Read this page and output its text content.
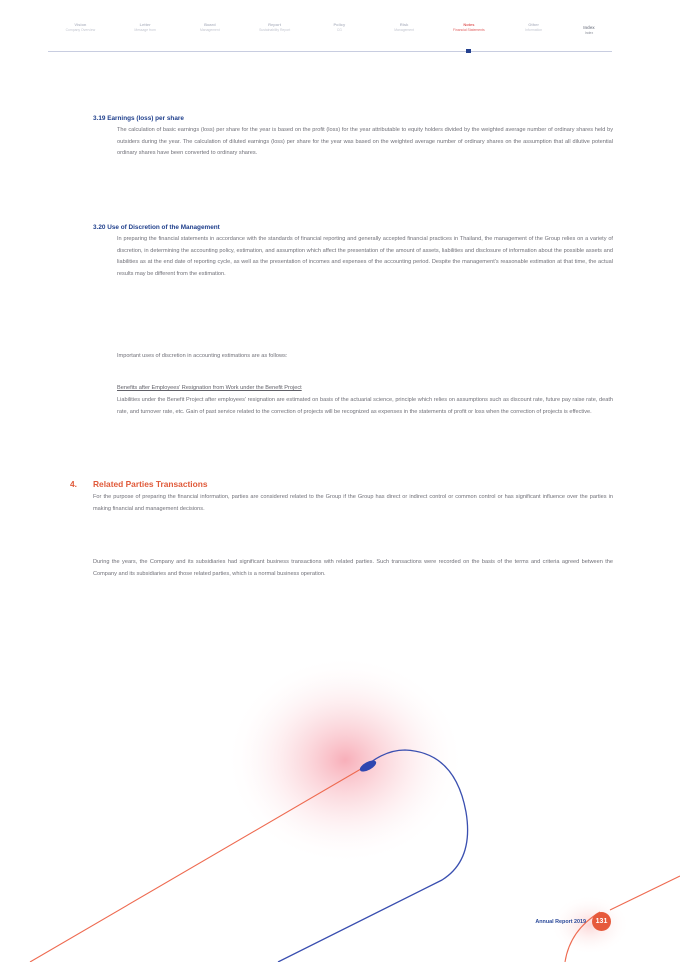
Vision
Company Overview
Letter
Message from
Board
Management
Report
Sustainability Report
Policy
CG
Risk
Management
Notes
Financial Statements
Other
Information	Index
Index
3.19 Earnings (loss) per share

The calculation of basic earnings (loss) per share for the year is based on the profit (loss) for the year attributable to equity holders divided by the weighted average number of ordinary shares held by outsiders during the year. The calculation of diluted earnings (loss) per share for the year was based on the weighted average number of ordinary shares on the assumption that all dilutive potential ordinary shares have been converted to ordinary shares.

3.20 Use of Discretion of the Management

In preparing the financial statements in accordance with the standards of financial reporting and generally accepted financial practices in Thailand, the management of the Group relies on a variety of discretion, in determining the accounting policy, estimation, and assumption which affect the presentation of the amount of assets, liabilities and disclosure of information about the possible assets and liabilities as at the end date of reporting cycle, as well as the presentation of incomes and expenses of the accounting period. Despite the management’s reasonable estimation at that time, the actual results may be different from the estimation.

Important uses of discretion in accounting estimations are as follows:

Benefits after Employees’ Resignation from Work under the Benefit Project

Liabilities under the Benefit Project after employees’ resignation are estimated on basis of the actuarial science, principle which relies on assumptions such as discount rate, future pay raise rate, death rate, and turnover rate, etc. Gain of past service related to the correction of projects will be recognized as expenses in the statements of profit or loss when the correction of projects is effective.

4. Related Parties Transactions

For the purpose of preparing the financial information, parties are considered related to the Group if the Group has direct or indirect control or common control or has significant influence over the parties in making financial and management decisions.

During the years, the Company and its subsidiaries had significant business transactions with related parties. Such transactions were recorded on the basis of the terms and criteria agreed between the Company and its subsidiaries and those related parties, which is a normal business operation.

Annual Report 2019	131
